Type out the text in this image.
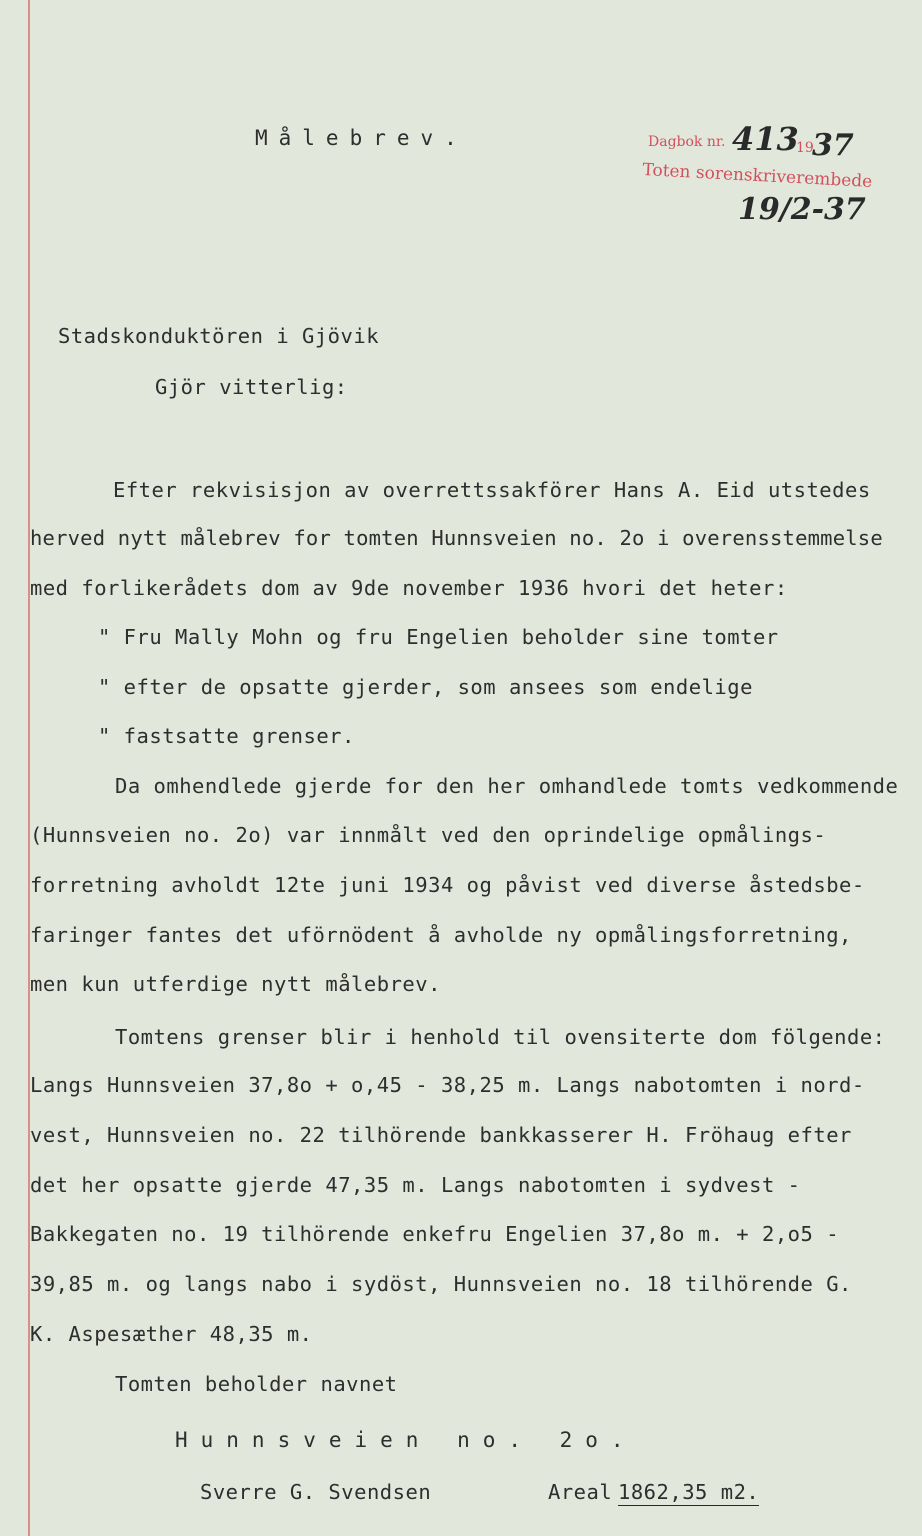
Målebrev.	Dagbok nr.	19
Toten sorenskriverembede
413 37
19/2-37
Stadskonduktören i Gjövik
Gjör vitterlig:
Efter rekvisisjon av overrettssakförer Hans A. Eid utstedes
herved nytt målebrev for tomten Hunnsveien no. 2o i overensstemmelse
med forlikerådets dom av 9de november 1936 hvori det heter:
" Fru Mally Mohn og fru Engelien beholder sine tomter
" efter de opsatte gjerder, som ansees som endelige
" fastsatte grenser.
Da omhendlede gjerde for den her omhandlede tomts vedkommende
(Hunnsveien no. 2o) var innmålt ved den oprindelige opmålings-
forretning avholdt 12te juni 1934 og påvist ved diverse åstedsbe-
faringer fantes det uförnödent å avholde ny opmålingsforretning,
men kun utferdige nytt målebrev.
Tomtens grenser blir i henhold til ovensiterte dom fölgende:
Langs Hunnsveien 37,8o + o,45 - 38,25 m. Langs nabotomten i nord-
vest, Hunnsveien no. 22 tilhörende bankkasserer H. Fröhaug efter
det her opsatte gjerde 47,35 m. Langs nabotomten i sydvest -
Bakkegaten no. 19 tilhörende enkefru Engelien 37,8o m. + 2,o5 -
39,85 m. og langs nabo i sydöst, Hunnsveien no. 18 tilhörende G.
K. Aspesæther 48,35 m.
Tomten beholder navnet
Hunnsveien no. 2o.
Sverre G. Svendsen	Areal 1862,35 m2.
